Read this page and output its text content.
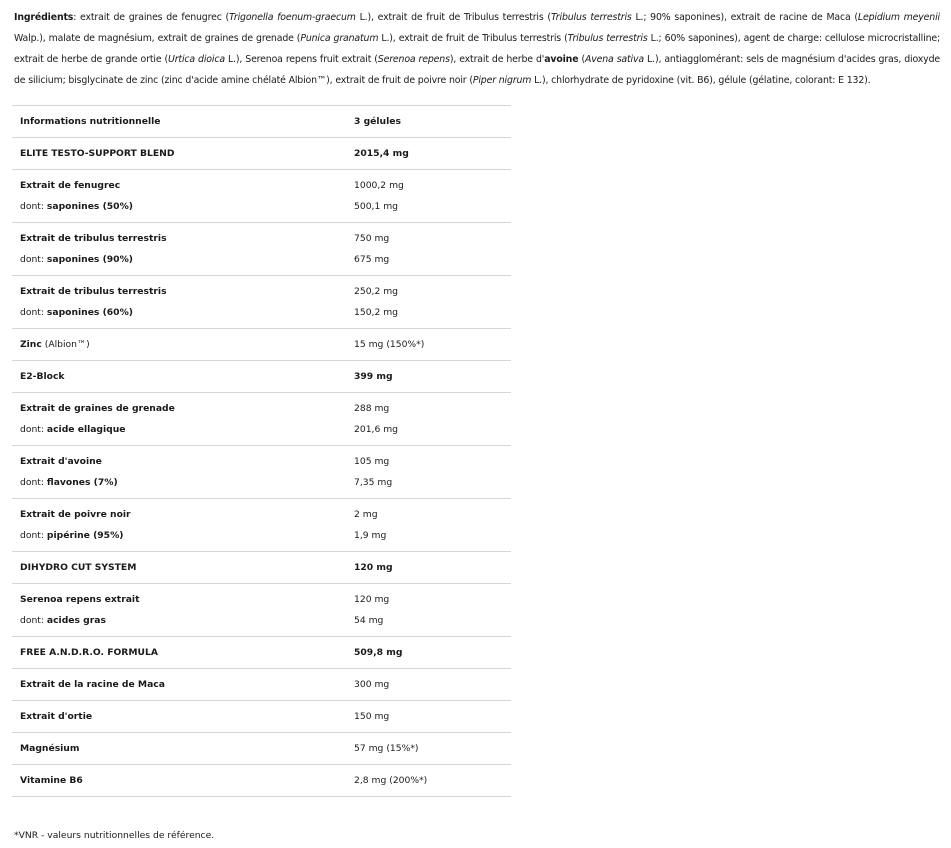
Ingrédients: extrait de graines de fenugrec (Trigonella foenum-graecum L.), extrait de fruit de Tribulus terrestris (Tribulus terrestris L.; 90% saponines), extrait de racine de Maca (Lepidium meyenii Walp.), malate de magnésium, extrait de graines de grenade (Punica granatum L.), extrait de fruit de Tribulus terrestris (Tribulus terrestris L.; 60% saponines), agent de charge: cellulose microcristalline; extrait de herbe de grande ortie (Urtica dioica L.), Serenoa repens fruit extrait (Serenoa repens), extrait de herbe d'avoine (Avena sativa L.), antiagglomérant: sels de magnésium d'acides gras, dioxyde de silicium; bisglycinate de zinc (zinc d'acide amine chélaté Albion™), extrait de fruit de poivre noir (Piper nigrum L.), chlorhydrate de pyridoxine (vit. B6), gélule (gélatine, colorant: E 132).

Informations nutritionnelle	3 gélules
ELITE TESTO-SUPPORT BLEND	2015,4 mg
Extrait de fenugrec	1000,2 mg
dont: saponines (50%)	500,1 mg
Extrait de tribulus terrestris	750 mg
dont: saponines (90%)	675 mg
Extrait de tribulus terrestris	250,2 mg
dont: saponines (60%)	150,2 mg
Zinc (Albion™)	15 mg (150%*)
E2-Block	399 mg
Extrait de graines de grenade	288 mg
dont: acide ellagique	201,6 mg
Extrait d'avoine	105 mg
dont: flavones (7%)	7,35 mg
Extrait de poivre noir	2 mg
dont: pipérine (95%)	1,9 mg
DIHYDRO CUT SYSTEM	120 mg
Serenoa repens extrait	120 mg
dont: acides gras	54 mg
FREE A.N.D.R.O. FORMULA	509,8 mg
Extrait de la racine de Maca	300 mg
Extrait d'ortie	150 mg
Magnésium	57 mg (15%*)
Vitamine B6	2,8 mg (200%*)

*VNR - valeurs nutritionnelles de référence.
